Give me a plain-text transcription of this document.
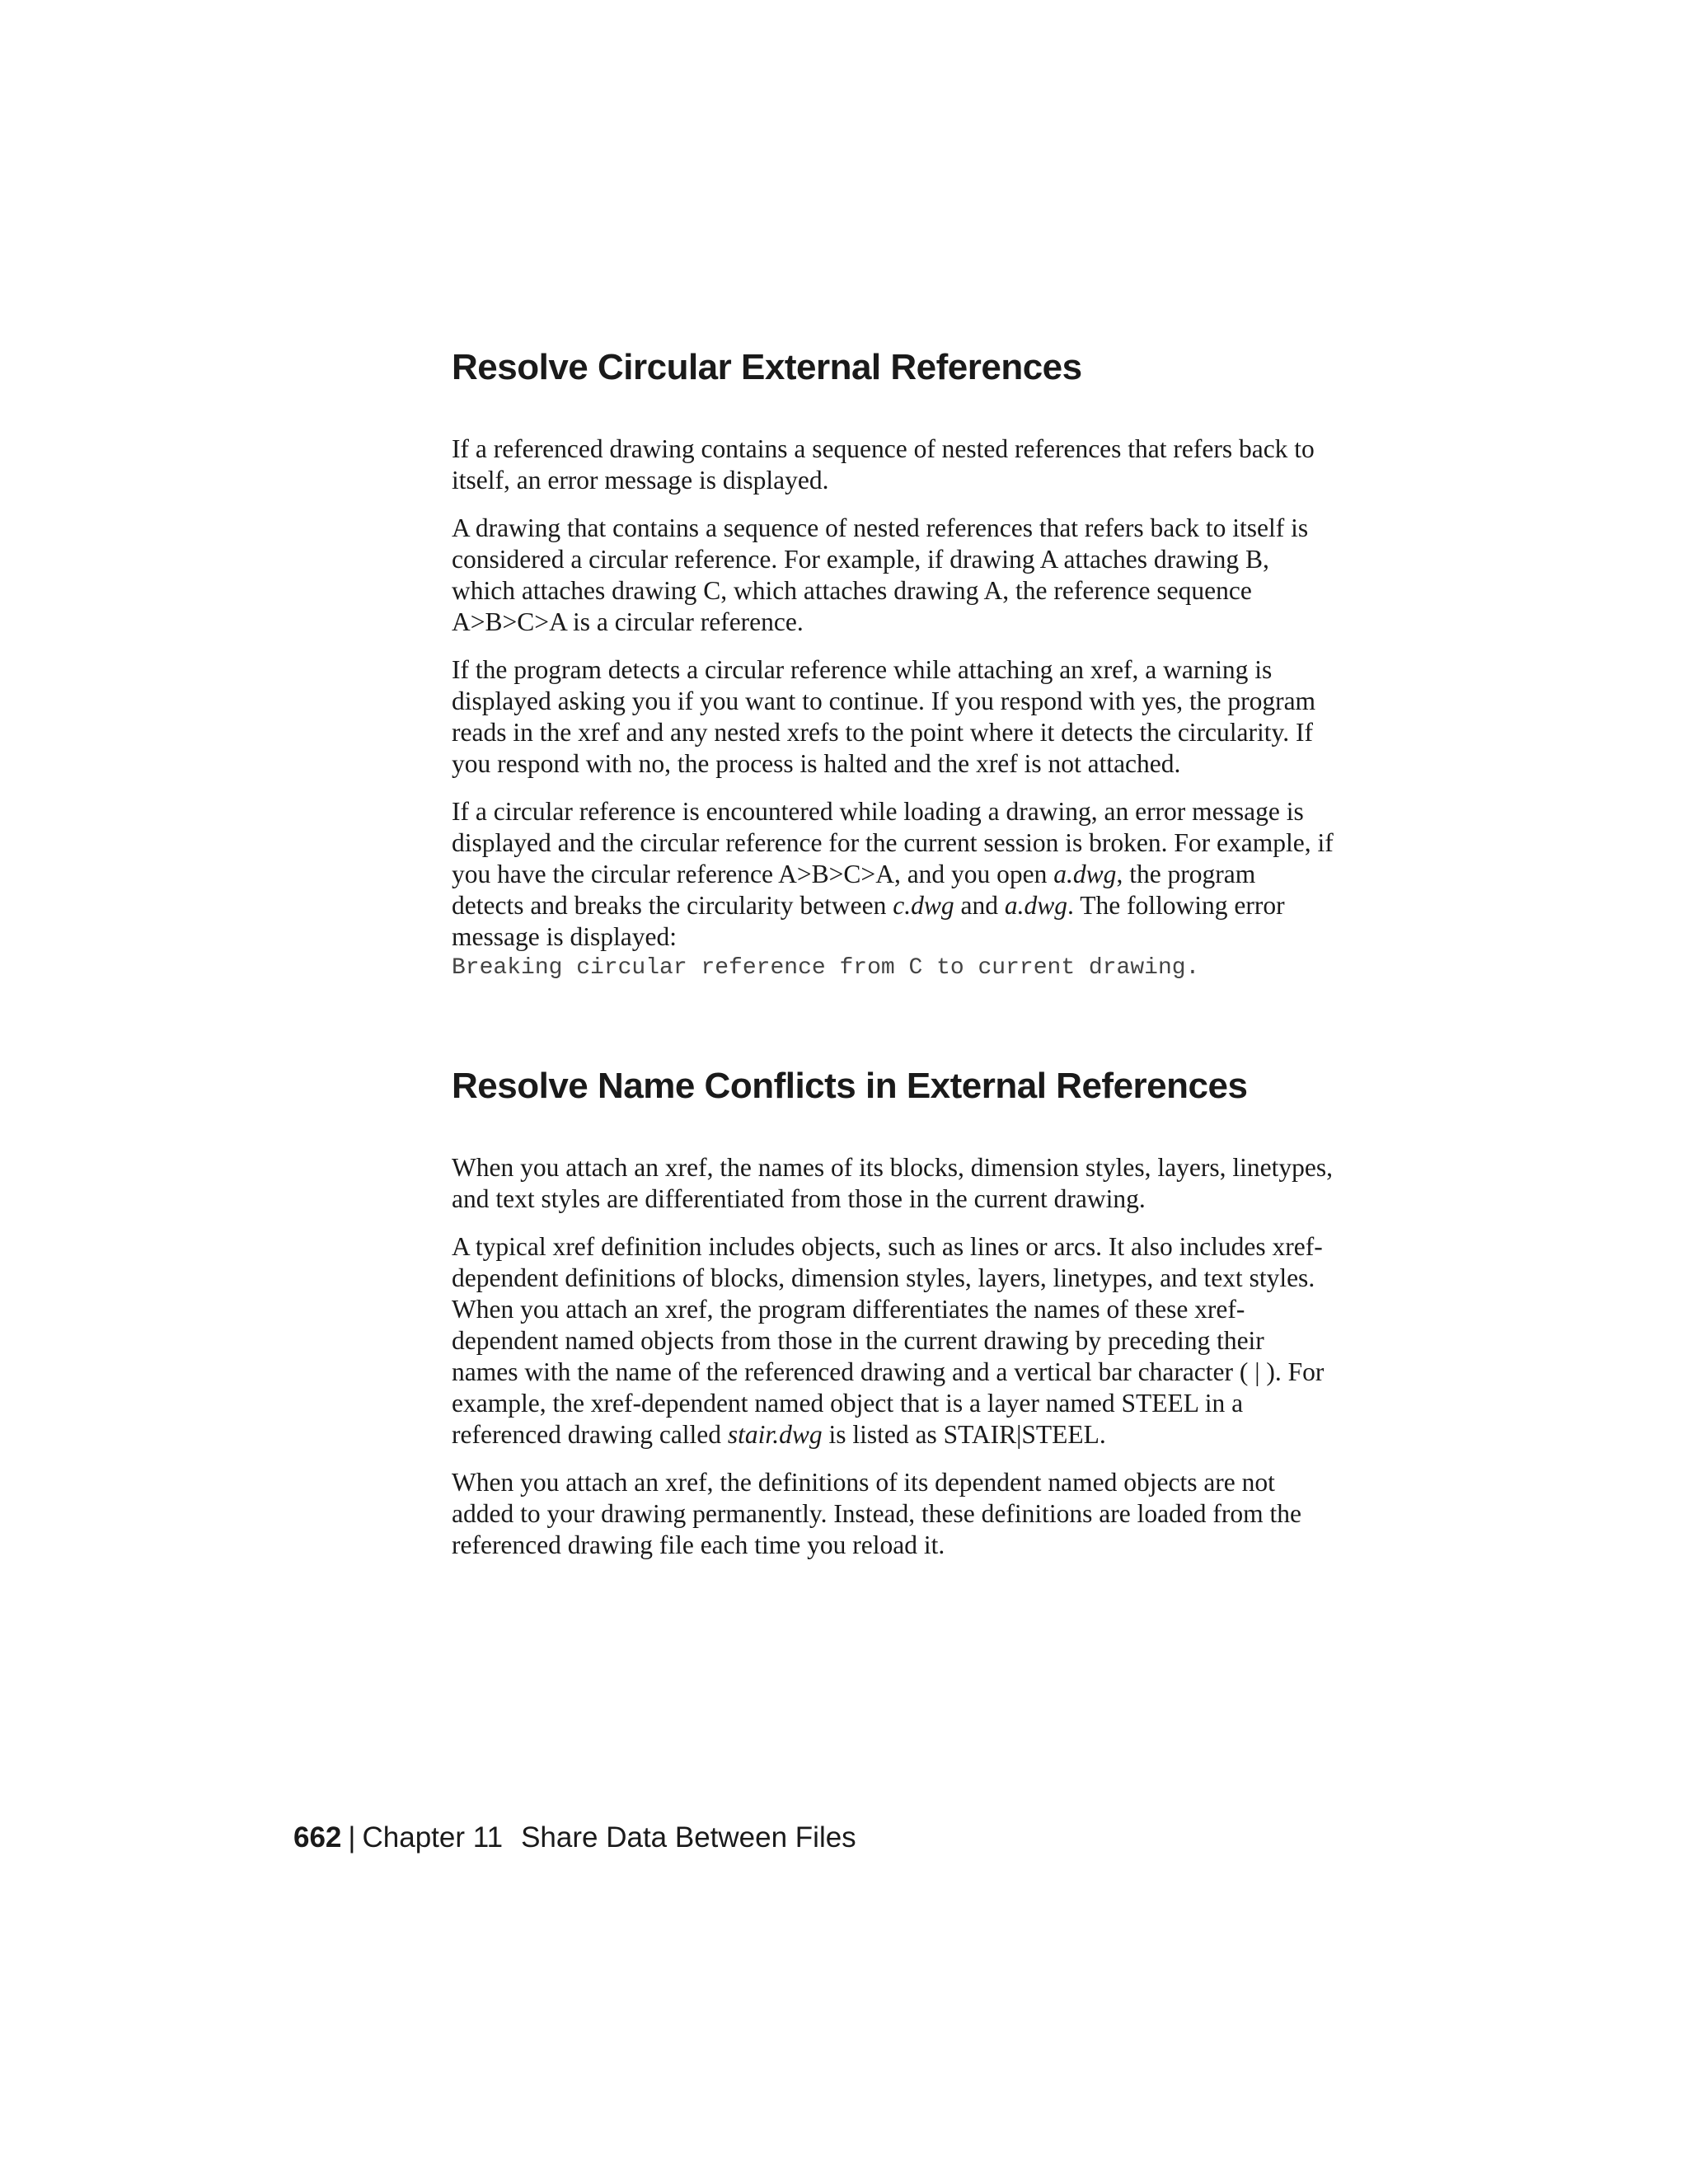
Resolve Circular External References

If a referenced drawing contains a sequence of nested references that refers back to itself, an error message is displayed.

A drawing that contains a sequence of nested references that refers back to itself is considered a circular reference. For example, if drawing A attaches drawing B, which attaches drawing C, which attaches drawing A, the reference sequence A>B>C>A is a circular reference.

If the program detects a circular reference while attaching an xref, a warning is displayed asking you if you want to continue. If you respond with yes, the program reads in the xref and any nested xrefs to the point where it detects the circularity. If you respond with no, the process is halted and the xref is not attached.

If a circular reference is encountered while loading a drawing, an error message is displayed and the circular reference for the current session is broken. For example, if you have the circular reference A>B>C>A, and you open a.dwg, the program detects and breaks the circularity between c.dwg and a.dwg. The following error message is displayed:

Breaking circular reference from C to current drawing.

Resolve Name Conflicts in External References

When you attach an xref, the names of its blocks, dimension styles, layers, linetypes, and text styles are differentiated from those in the current drawing.

A typical xref definition includes objects, such as lines or arcs. It also includes xref-dependent definitions of blocks, dimension styles, layers, linetypes, and text styles. When you attach an xref, the program differentiates the names of these xref-dependent named objects from those in the current drawing by preceding their names with the name of the referenced drawing and a vertical bar character ( | ). For example, the xref-dependent named object that is a layer named STEEL in a referenced drawing called stair.dwg is listed as STAIR|STEEL.

When you attach an xref, the definitions of its dependent named objects are not added to your drawing permanently. Instead, these definitions are loaded from the referenced drawing file each time you reload it.

662 | Chapter 11 Share Data Between Files
